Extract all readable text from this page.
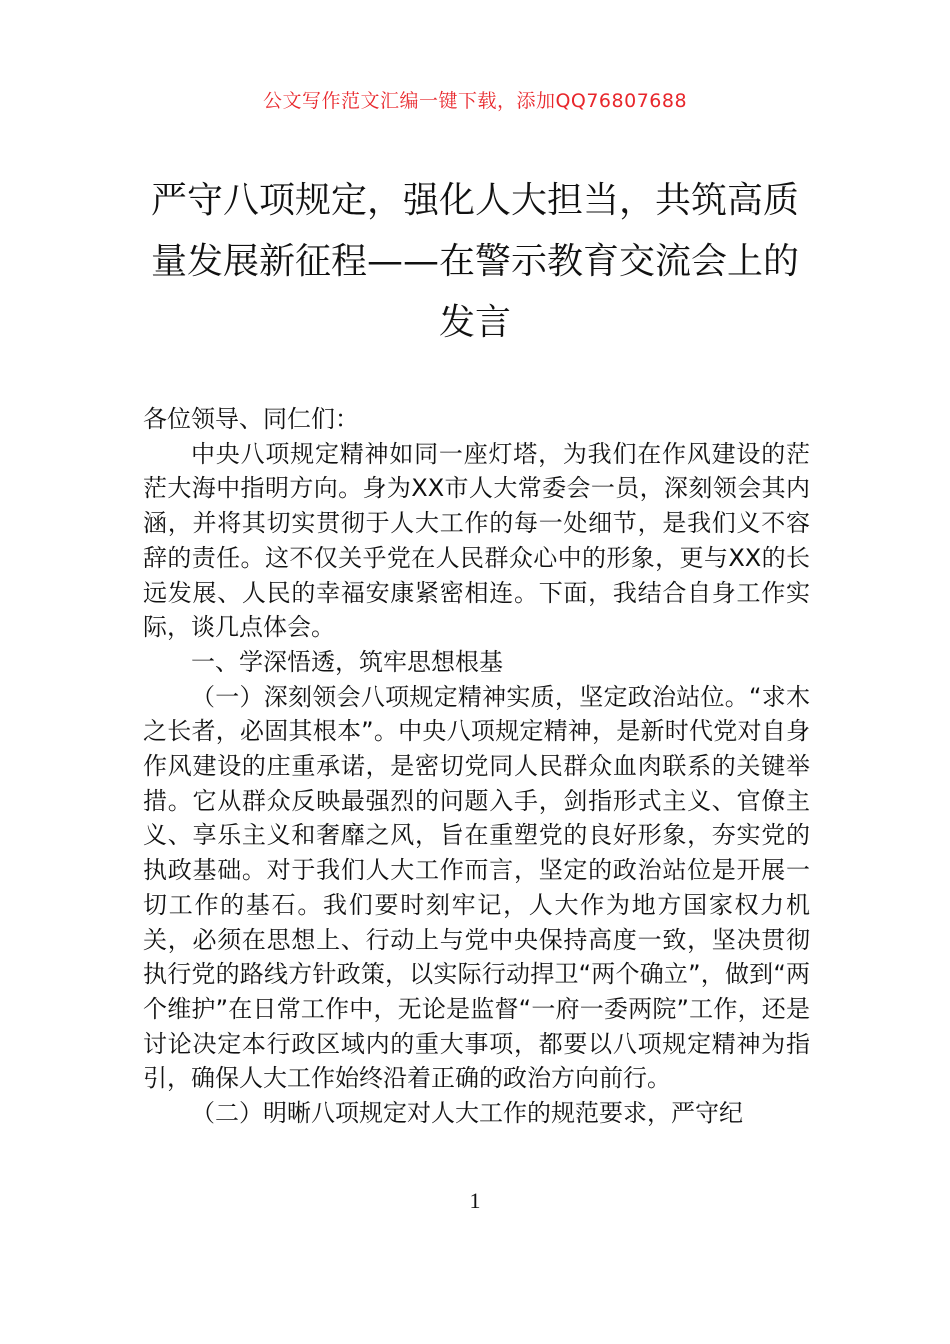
公文写作范文汇编一键下载，添加QQ76807688
严守八项规定，强化人大担当，共筑高质量发展新征程——在警示教育交流会上的发言

各位领导、同仁们：

中央八项规定精神如同一座灯塔，为我们在作风建设的茫茫大海中指明方向。身为XX市人大常委会一员，深刻领会其内涵，并将其切实贯彻于人大工作的每一处细节，是我们义不容辞的责任。这不仅关乎党在人民群众心中的形象，更与XX的长远发展、人民的幸福安康紧密相连。下面，我结合自身工作实际，谈几点体会。

一、学深悟透，筑牢思想根基

（一）深刻领会八项规定精神实质，坚定政治站位。“求木之长者，必固其根本”。中央八项规定精神，是新时代党对自身作风建设的庄重承诺，是密切党同人民群众血肉联系的关键举措。它从群众反映最强烈的问题入手，剑指形式主义、官僚主义、享乐主义和奢靡之风，旨在重塑党的良好形象，夯实党的执政基础。对于我们人大工作而言，坚定的政治站位是开展一切工作的基石。我们要时刻牢记，人大作为地方国家权力机关，必须在思想上、行动上与党中央保持高度一致，坚决贯彻执行党的路线方针政策，以实际行动捍卫“两个确立”，做到“两个维护”在日常工作中，无论是监督“一府一委两院”工作，还是讨论决定本行政区域内的重大事项，都要以八项规定精神为指引，确保人大工作始终沿着正确的政治方向前行。

（二）明晰八项规定对人大工作的规范要求，严守纪

1
